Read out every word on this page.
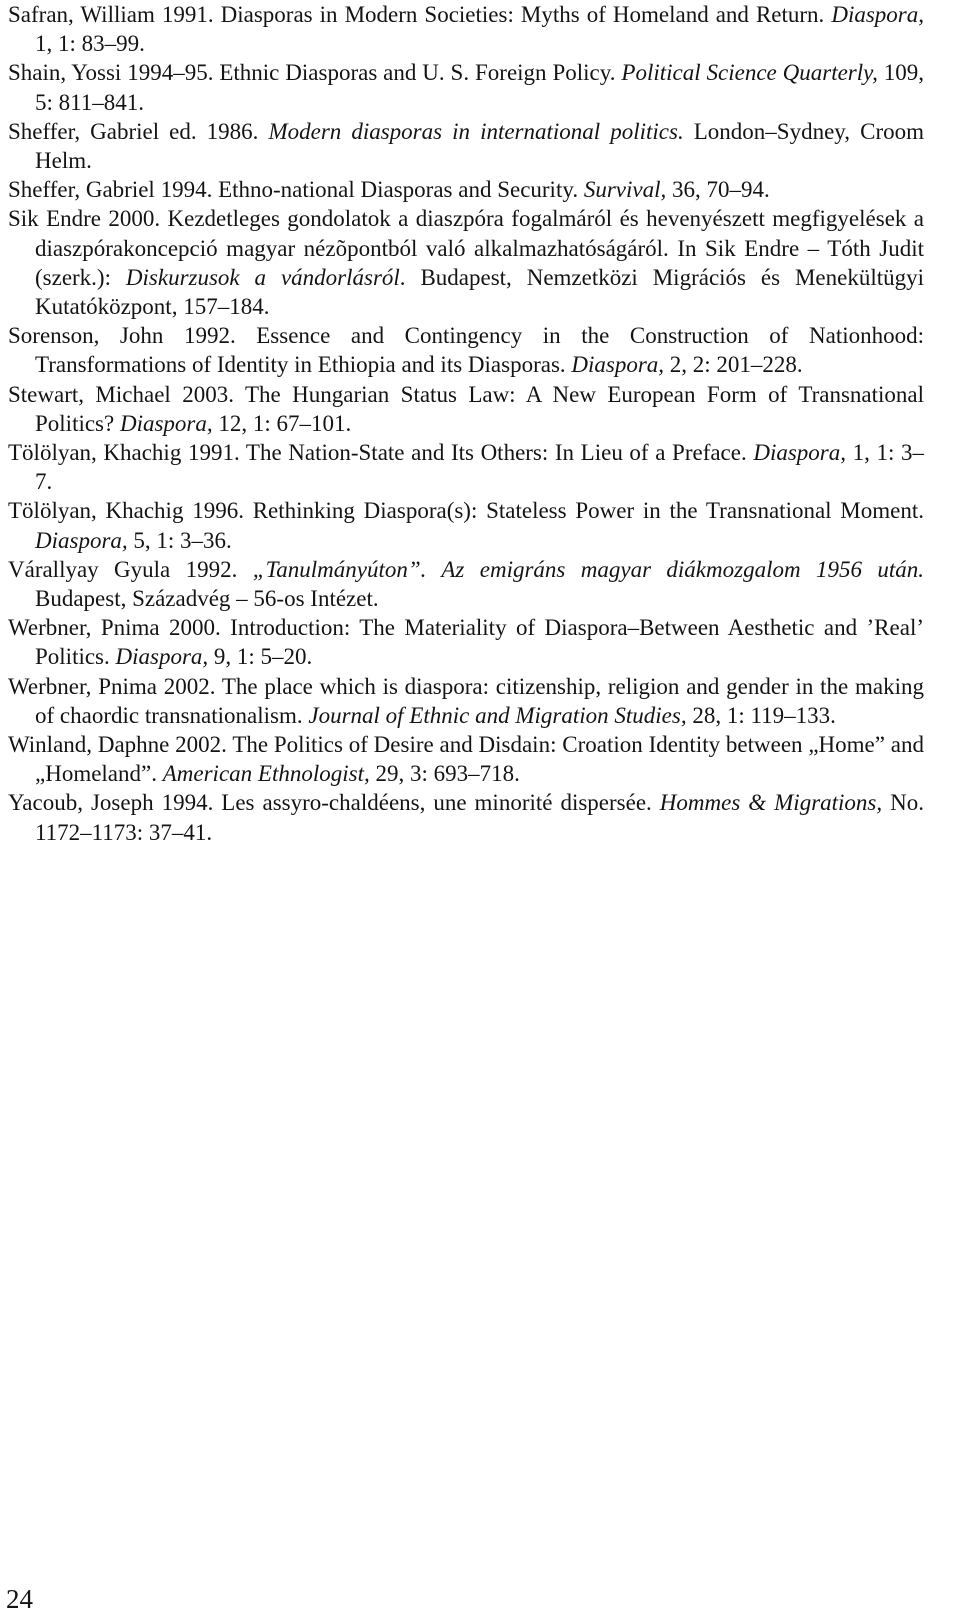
Safran, William 1991. Diasporas in Modern Societies: Myths of Homeland and Return. Diaspora, 1, 1: 83–99.

Shain, Yossi 1994–95. Ethnic Diasporas and U. S. Foreign Policy. Political Science Quarterly, 109, 5: 811–841.

Sheffer, Gabriel ed. 1986. Modern diasporas in international politics. London–Sydney, Croom Helm.

Sheffer, Gabriel 1994. Ethno-national Diasporas and Security. Survival, 36, 70–94.

Sik Endre 2000. Kezdetleges gondolatok a diaszpóra fogalmáról és hevenyészett megfigyelések a diaszpórakoncepció magyar nézõpontból való alkalmazhatóságáról. In Sik Endre – Tóth Judit (szerk.): Diskurzusok a vándorlásról. Budapest, Nemzetközi Migrációs és Menekültügyi Kutatóközpont, 157–184.

Sorenson, John 1992. Essence and Contingency in the Construction of Nationhood: Transformations of Identity in Ethiopia and its Diasporas. Diaspora, 2, 2: 201–228.

Stewart, Michael 2003. The Hungarian Status Law: A New European Form of Transnational Politics? Diaspora, 12, 1: 67–101.

Tölölyan, Khachig 1991. The Nation-State and Its Others: In Lieu of a Preface. Diaspora, 1, 1: 3–7.

Tölölyan, Khachig 1996. Rethinking Diaspora(s): Stateless Power in the Transnational Moment. Diaspora, 5, 1: 3–36.

Várallyay Gyula 1992. „Tanulmányúton”. Az emigráns magyar diákmozgalom 1956 után. Budapest, Századvég – 56-os Intézet.

Werbner, Pnima 2000. Introduction: The Materiality of Diaspora–Between Aesthetic and ’Real’ Politics. Diaspora, 9, 1: 5–20.

Werbner, Pnima 2002. The place which is diaspora: citizenship, religion and gender in the making of chaordic transnationalism. Journal of Ethnic and Migration Studies, 28, 1: 119–133.

Winland, Daphne 2002. The Politics of Desire and Disdain: Croation Identity between „Home” and „Homeland”. American Ethnologist, 29, 3: 693–718.

Yacoub, Joseph 1994. Les assyro-chaldéens, une minorité dispersée. Hommes & Migrations, No. 1172–1173: 37–41.

24
